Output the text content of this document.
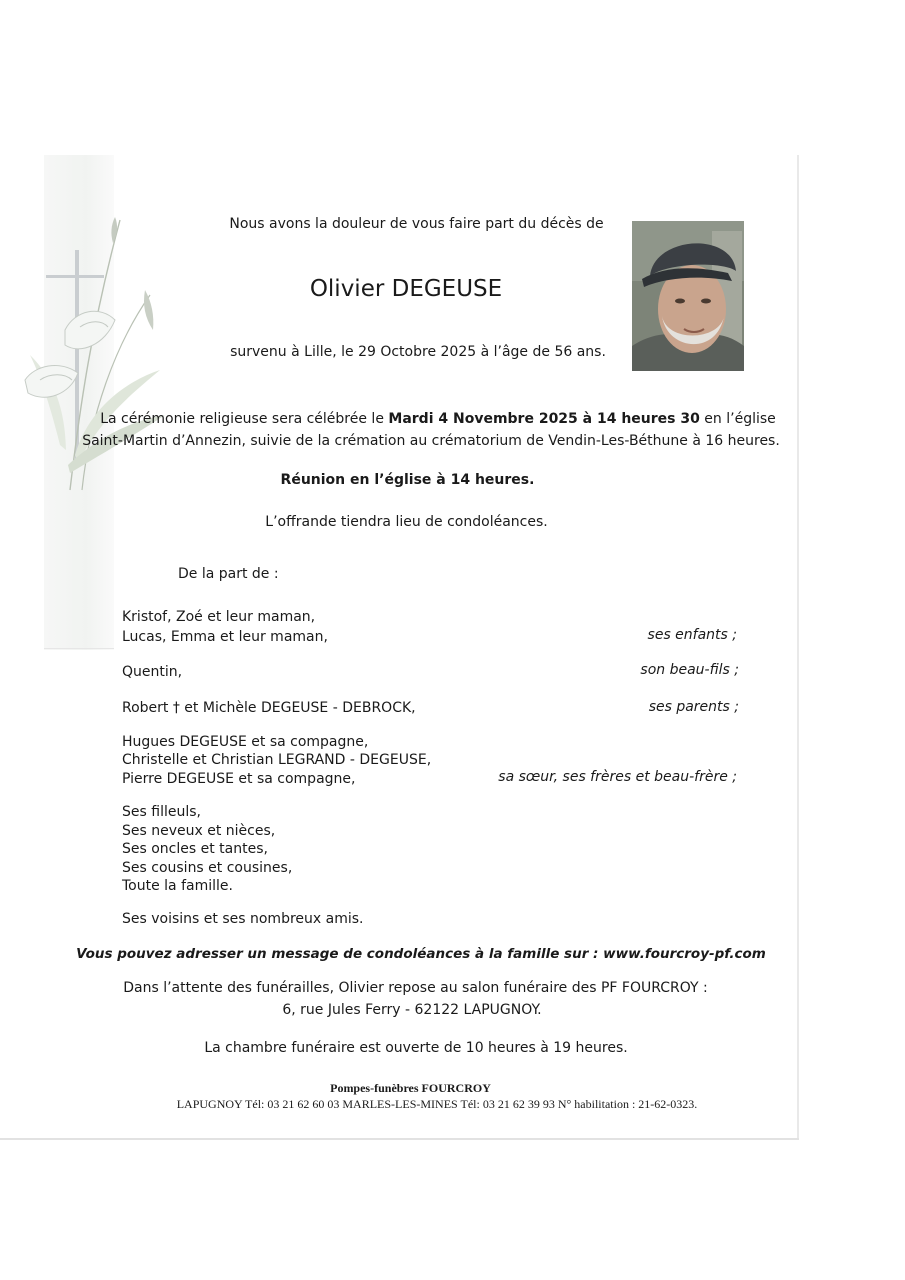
Nous avons la douleur de vous faire part du décès de
Olivier DEGEUSE
survenu à Lille, le 29 Octobre 2025 à l’âge de 56 ans.
La cérémonie religieuse sera célébrée le Mardi 4 Novembre 2025 à 14 heures 30 en l’église
Saint-Martin d’Annezin, suivie de la crémation au crématorium de Vendin-Les-Béthune à 16 heures.
Réunion en l’église à 14 heures.
L’offrande tiendra lieu de condoléances.
De la part de :
Kristof, Zoé et leur maman,
Lucas, Emma et leur maman,	ses enfants ;
Quentin,	son beau-fils ;
Robert † et Michèle DEGEUSE - DEBROCK,	ses parents ;
Hugues DEGEUSE et sa compagne,
Christelle et Christian LEGRAND - DEGEUSE,
Pierre DEGEUSE et sa compagne,	sa sœur, ses frères et beau-frère ;
Ses filleuls,
Ses neveux et nièces,
Ses oncles et tantes,
Ses cousins et cousines,
Toute la famille.
Ses voisins et ses nombreux amis.
Vous pouvez adresser un message de condoléances à la famille sur : www.fourcroy-pf.com
Dans l’attente des funérailles, Olivier repose au salon funéraire des PF FOURCROY :
6, rue Jules Ferry - 62122 LAPUGNOY.
La chambre funéraire est ouverte de 10 heures à 19 heures.
Pompes-funèbres FOURCROY
LAPUGNOY Tél: 03 21 62 60 03 MARLES-LES-MINES Tél: 03 21 62 39 93 N° habilitation : 21-62-0323.
